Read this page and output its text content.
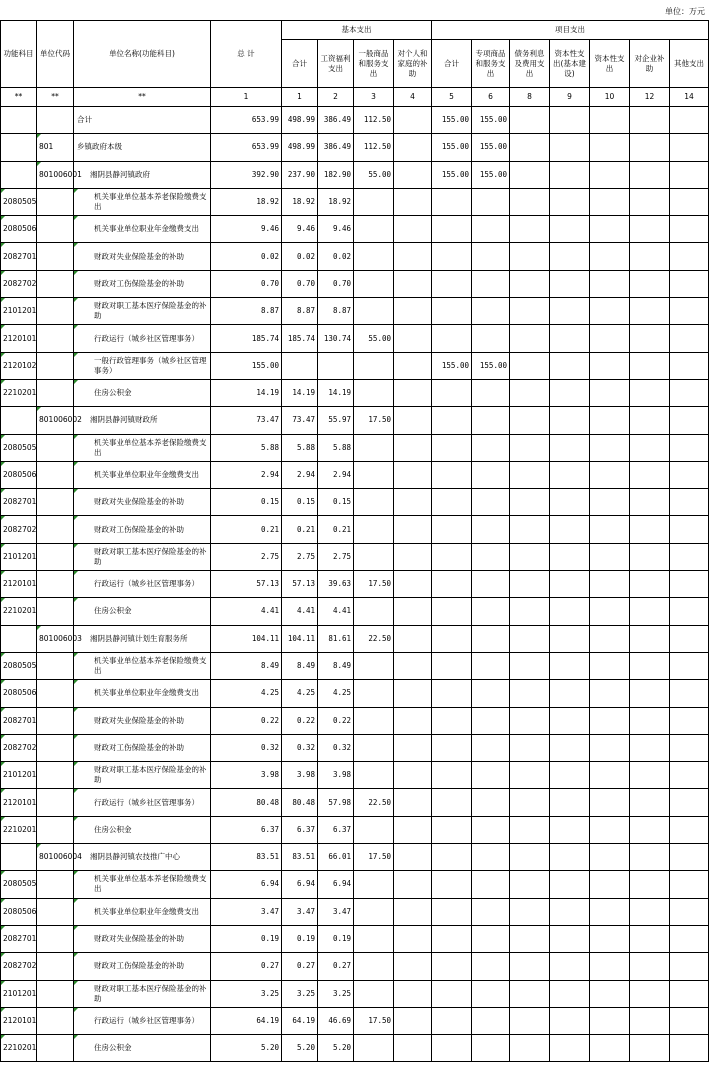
单位：万元
功能科目	单位代码	单位名称(功能科目)	总 计	基本支出				项目支出						
				合计	工资福利支出	一般商品和服务支出	对个人和家庭的补助	合计	专项商品和服务支出	债务利息及费用支出	资本性支出(基本建设)	资本性支出	对企业补助	其他支出
**	**	**	1	1	2	3	4	5	6	8	9	10	12	14
		合计	653.99	498.99	386.49	112.50		155.00	155.00					
	801	乡镇政府本级	653.99	498.99	386.49	112.50		155.00	155.00					
	801006001	湘阴县静河镇政府	392.90	237.90	182.90	55.00		155.00	155.00					
2080505		机关事业单位基本养老保险缴费支出	18.92	18.92	18.92									
2080506		机关事业单位职业年金缴费支出	9.46	9.46	9.46									
2082701		财政对失业保险基金的补助	0.02	0.02	0.02									
2082702		财政对工伤保险基金的补助	0.70	0.70	0.70									
2101201		财政对职工基本医疗保险基金的补助	8.87	8.87	8.87									
2120101		行政运行（城乡社区管理事务）	185.74	185.74	130.74	55.00								
2120102		一般行政管理事务（城乡社区管理事务）	155.00					155.00	155.00					
2210201		住房公积金	14.19	14.19	14.19									
	801006002	湘阴县静河镇财政所	73.47	73.47	55.97	17.50								
2080505		机关事业单位基本养老保险缴费支出	5.88	5.88	5.88									
2080506		机关事业单位职业年金缴费支出	2.94	2.94	2.94									
2082701		财政对失业保险基金的补助	0.15	0.15	0.15									
2082702		财政对工伤保险基金的补助	0.21	0.21	0.21									
2101201		财政对职工基本医疗保险基金的补助	2.75	2.75	2.75									
2120101		行政运行（城乡社区管理事务）	57.13	57.13	39.63	17.50								
2210201		住房公积金	4.41	4.41	4.41									
	801006003	湘阴县静河镇计划生育服务所	104.11	104.11	81.61	22.50								
2080505		机关事业单位基本养老保险缴费支出	8.49	8.49	8.49									
2080506		机关事业单位职业年金缴费支出	4.25	4.25	4.25									
2082701		财政对失业保险基金的补助	0.22	0.22	0.22									
2082702		财政对工伤保险基金的补助	0.32	0.32	0.32									
2101201		财政对职工基本医疗保险基金的补助	3.98	3.98	3.98									
2120101		行政运行（城乡社区管理事务）	80.48	80.48	57.98	22.50								
2210201		住房公积金	6.37	6.37	6.37									
	801006004	湘阴县静河镇农技推广中心	83.51	83.51	66.01	17.50								
2080505		机关事业单位基本养老保险缴费支出	6.94	6.94	6.94									
2080506		机关事业单位职业年金缴费支出	3.47	3.47	3.47									
2082701		财政对失业保险基金的补助	0.19	0.19	0.19									
2082702		财政对工伤保险基金的补助	0.27	0.27	0.27									
2101201		财政对职工基本医疗保险基金的补助	3.25	3.25	3.25									
2120101		行政运行（城乡社区管理事务）	64.19	64.19	46.69	17.50								
2210201		住房公积金	5.20	5.20	5.20									
